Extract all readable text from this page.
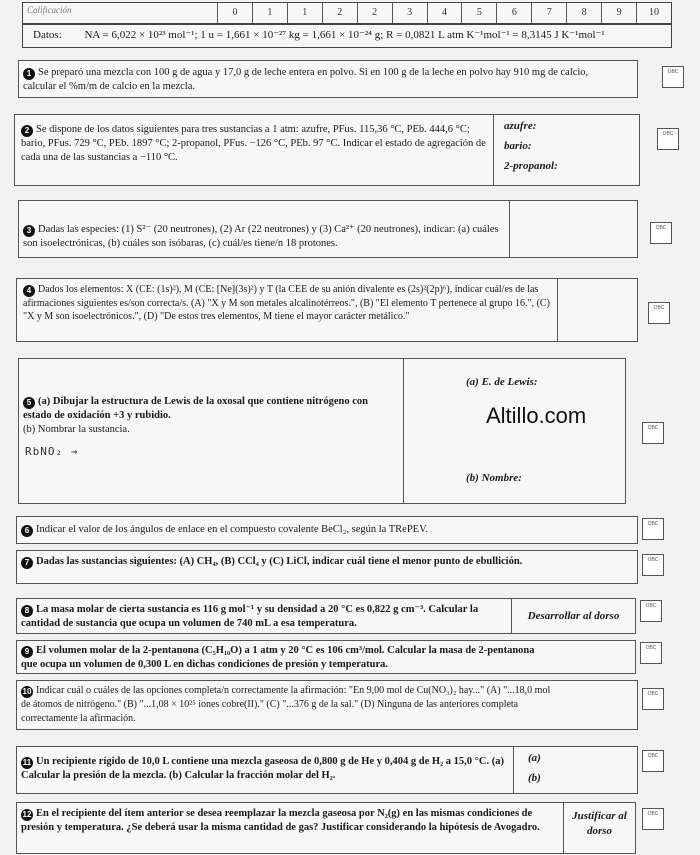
Calificación	0	1	1	2	2	3	4	5	6	7	8	9	10
Datos: NA = 6,022 × 10²³ mol⁻¹; 1 u = 1,661 × 10⁻²⁷ kg = 1,661 × 10⁻²⁴ g; R = 0,0821 L atm K⁻¹mol⁻¹ = 8,3145 J K⁻¹mol⁻¹
1 Se preparó una mezcla con 100 g de agua y 17,0 g de leche entera en polvo. Si en 100 g de la leche en polvo hay 910 mg de calcio, calcular el %m/m de calcio en la mezcla.
OBC
2 Se dispone de los datos siguientes para tres sustancias a 1 atm: azufre, PFus. 115,36 °C, PEb. 444,6 °C; bario, PFus. 729 °C, PEb. 1897 °C; 2-propanol, PFus. −126 °C, PEb. 97 °C. Indicar el estado de agregación de cada una de las sustancias a −110 °C.
azufre:
bario:
2-propanol:
OBC
3 Dadas las especies: (1) S²⁻ (20 neutrones), (2) Ar (22 neutrones) y (3) Ca²⁺ (20 neutrones), indicar: (a) cuáles son isoelectrónicas, (b) cuáles son isóbaras, (c) cuál/es tiene/n 18 protones.
OBC
4 Dados los elementos: X (CE: (1s)²), M (CE: [Ne](3s)²) y T (la CEE de su anión divalente es (2s)²(2p)⁶), indicar cuál/es de las afirmaciones siguientes es/son correcta/s. (A) "X y M son metales alcalinotérreos.", (B) "El elemento T pertenece al grupo 16.", (C) "X y M son isoelectrónicos.", (D) "De estos tres elementos, M tiene el mayor carácter metálico."
OBC
5 (a) Dibujar la estructura de Lewis de la oxosal que contiene nitrógeno con estado de oxidación +3 y rubidio.
(b) Nombrar la sustancia.
RbNO₂ →
(a) E. de Lewis:
Altillo.com
(b) Nombre:
OBC
6 Indicar el valor de los ángulos de enlace en el compuesto covalente BeCl₂, según la TRePEV.	OBC
7 Dadas las sustancias siguientes: (A) CH₄, (B) CCl₄ y (C) LiCl, indicar cuál tiene el menor punto de ebullición.	OBC
8 La masa molar de cierta sustancia es 116 g mol⁻¹ y su densidad a 20 °C es 0,822 g cm⁻³. Calcular la cantidad de sustancia que ocupa un volumen de 740 mL a esa temperatura.
Desarrollar al dorso
OBC
9 El volumen molar de la 2-pentanona (C₅H₁₀O) a 1 atm y 20 °C es 106 cm³/mol. Calcular la masa de 2-pentanona que ocupa un volumen de 0,300 L en dichas condiciones de presión y temperatura.
OBC
10 Indicar cuál o cuáles de las opciones completa/n correctamente la afirmación: "En 9,00 mol de Cu(NO₃)₂ hay..." (A) "...18,0 mol de átomos de nitrógeno." (B) "...1,08 × 10²⁵ iones cobre(II)." (C) "...376 g de la sal." (D) Ninguna de las anteriores completa correctamente la afirmación.
OBC
11 Un recipiente rígido de 10,0 L contiene una mezcla gaseosa de 0,800 g de He y 0,404 g de H₂ a 15,0 °C. (a) Calcular la presión de la mezcla. (b) Calcular la fracción molar del H₂.
(a)
(b)
OBC
12 En el recipiente del ítem anterior se desea reemplazar la mezcla gaseosa por N₂(g) en las mismas condiciones de presión y temperatura. ¿Se deberá usar la misma cantidad de gas? Justificar considerando la hipótesis de Avogadro.
Justificar al dorso
OBC
